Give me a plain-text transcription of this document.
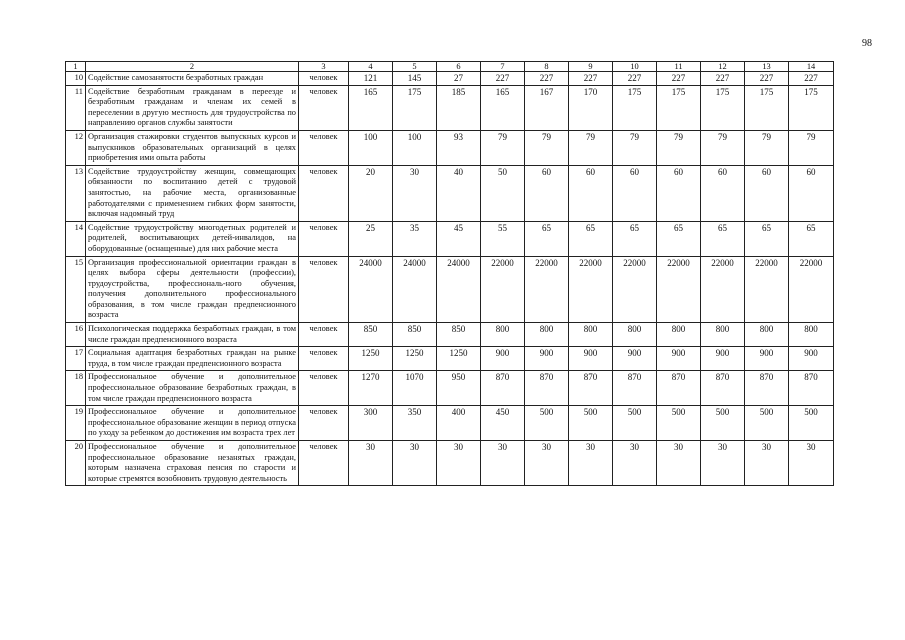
98
1	2	3	4	5	6	7	8	9	10	11	12	13	14
10	Содействие самозанятости безработных граждан	человек	121	145	27	227	227	227	227	227	227	227	227
11	Содействие безработным гражданам в переезде и безработным гражданам и членам их семей в переселении в другую местность для трудоустройства по направлению органов службы занятости	человек	165	175	185	165	167	170	175	175	175	175	175
12	Организация стажировки студентов выпускных курсов и выпускников образовательных организаций в целях приобретения ими опыта работы	человек	100	100	93	79	79	79	79	79	79	79	79
13	Содействие трудоустройству женщин, совмещающих обязанности по воспитанию детей с трудовой занятостью, на рабочие места, организованные работодателями с применением гибких форм занятости, включая надомный труд	человек	20	30	40	50	60	60	60	60	60	60	60
14	Содействие трудоустройству многодетных родителей и родителей, воспитывающих детей-инвалидов, на оборудованные (оснащенные) для них рабочие места	человек	25	35	45	55	65	65	65	65	65	65	65
15	Организация профессиональной ориентации граждан в целях выбора сферы деятельности (профессии), трудоустройства, профессиональ-ного обучения, получения дополнительного профессионального образования, в том числе граждан предпенсионного возраста	человек	24000	24000	24000	22000	22000	22000	22000	22000	22000	22000	22000
16	Психологическая поддержка безработных граждан, в том числе граждан предпенсионного возраста	человек	850	850	850	800	800	800	800	800	800	800	800
17	Социальная адаптация безработных граждан на рынке труда, в том числе граждан предпенсионного возраста	человек	1250	1250	1250	900	900	900	900	900	900	900	900
18	Профессиональное обучение и дополнительное профессиональное образование безработных граждан, в том числе граждан предпенсионного возраста	человек	1270	1070	950	870	870	870	870	870	870	870	870
19	Профессиональное обучение и дополнительное профессиональное образование женщин в период отпуска по уходу за ребенком до достижения им возраста трех лет	человек	300	350	400	450	500	500	500	500	500	500	500
20	Профессиональное обучение и дополнительное профессиональное образование незанятых граждан, которым назначена страховая пенсия по старости и которые стремятся возобновить трудовую деятельность	человек	30	30	30	30	30	30	30	30	30	30	30
